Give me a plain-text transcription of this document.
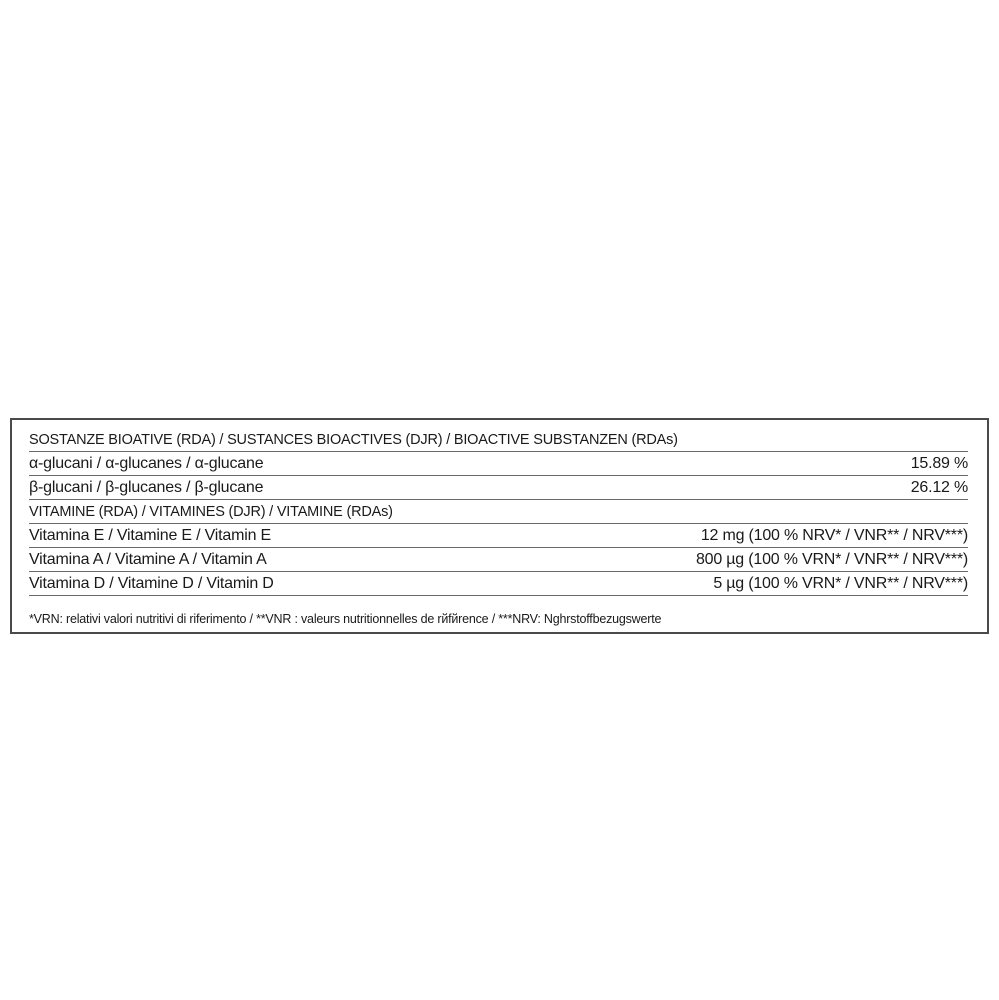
SOSTANZE BIOATIVE (RDA) / SUSTANCES BIOACTIVES (DJR) / BIOACTIVE SUBSTANZEN (RDAs)
α-glucani / α-glucanes / α-glucane	15.89 %
β-glucani / β-glucanes / β-glucane	26.12 %
VITAMINE (RDA) / VITAMINES (DJR) / VITAMINE (RDAs)
Vitamina E / Vitamine E / Vitamin E	12 mg (100 % NRV* / VNR** / NRV***)
Vitamina A / Vitamine A / Vitamin A	800 µg (100 % VRN* / VNR** / NRV***)
Vitamina D / Vitamine D / Vitamin D	5 µg (100 % VRN* / VNR** / NRV***)
*VRN: relativi valori nutritivi di riferimento / **VNR : valeurs nutritionnelles de rйfйrence / ***NRV: Nghrstoffbezugswerte
